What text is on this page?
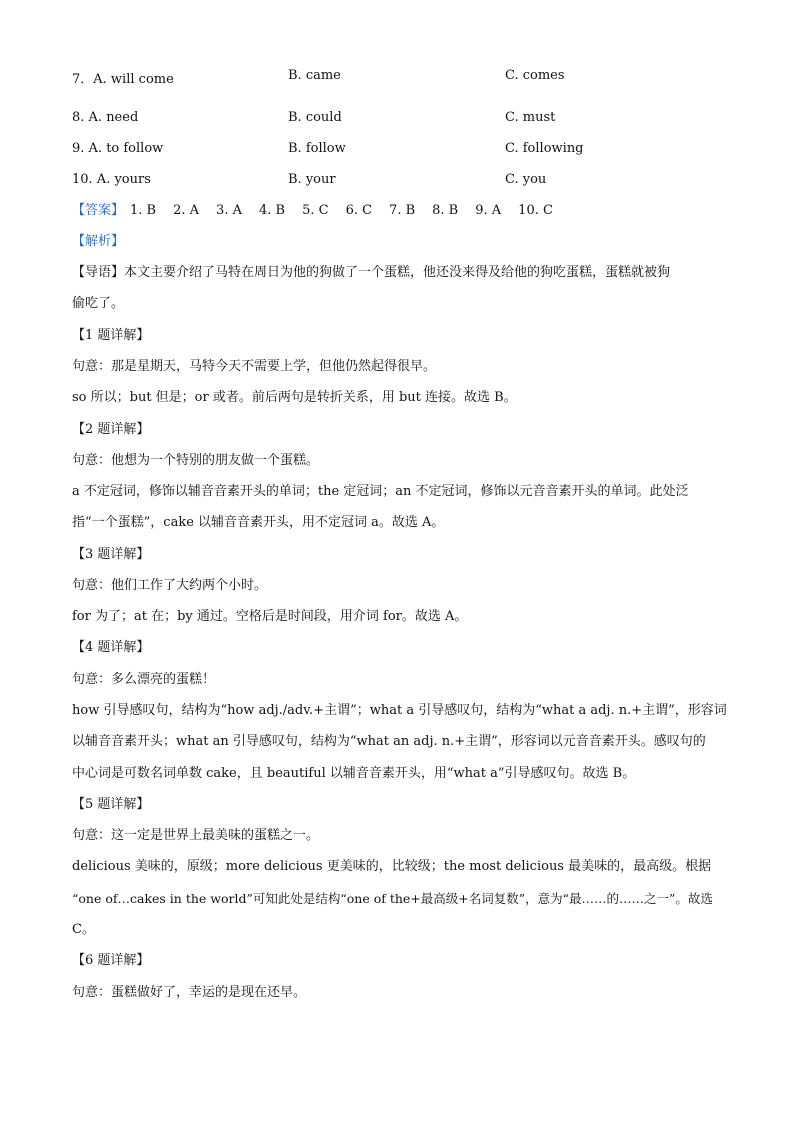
7．A. will come	B. came	C. comes
8. A. need	B. could	C. must
9. A. to follow	B. follow	C. following
10. A. yours	B. your	C. you
【答案】 1. B 2. A 3. A 4. B 5. C 6. C 7. B 8. B 9. A 10. C
【解析】
【导语】本文主要介绍了马特在周日为他的狗做了一个蛋糕，他还没来得及给他的狗吃蛋糕，蛋糕就被狗
偷吃了。
【1 题详解】
句意：那是星期天，马特今天不需要上学，但他仍然起得很早。
so 所以；but 但是；or 或者。前后两句是转折关系，用 but 连接。故选 B。
【2 题详解】
句意：他想为一个特别的朋友做一个蛋糕。
a 不定冠词，修饰以辅音音素开头的单词；the 定冠词；an 不定冠词，修饰以元音音素开头的单词。此处泛
指“一个蛋糕”，cake 以辅音音素开头，用不定冠词 a。故选 A。
【3 题详解】
句意：他们工作了大约两个小时。
for 为了；at 在；by 通过。空格后是时间段，用介词 for。故选 A。
【4 题详解】
句意：多么漂亮的蛋糕！
how 引导感叹句，结构为“how adj./adv.+主谓”；what a 引导感叹句，结构为“what a adj. n.+主谓”，形容词
以辅音音素开头；what an 引导感叹句，结构为“what an adj. n.+主谓”，形容词以元音音素开头。感叹句的
中心词是可数名词单数 cake，且 beautiful 以辅音音素开头，用“what a”引导感叹句。故选 B。
【5 题详解】
句意：这一定是世界上最美味的蛋糕之一。
delicious 美味的，原级；more delicious 更美味的，比较级；the most delicious 最美味的，最高级。根据
“one of…cakes in the world”可知此处是结构“one of the+最高级+名词复数”，意为“最……的……之一”。故选
C。
【6 题详解】
句意：蛋糕做好了，幸运的是现在还早。
